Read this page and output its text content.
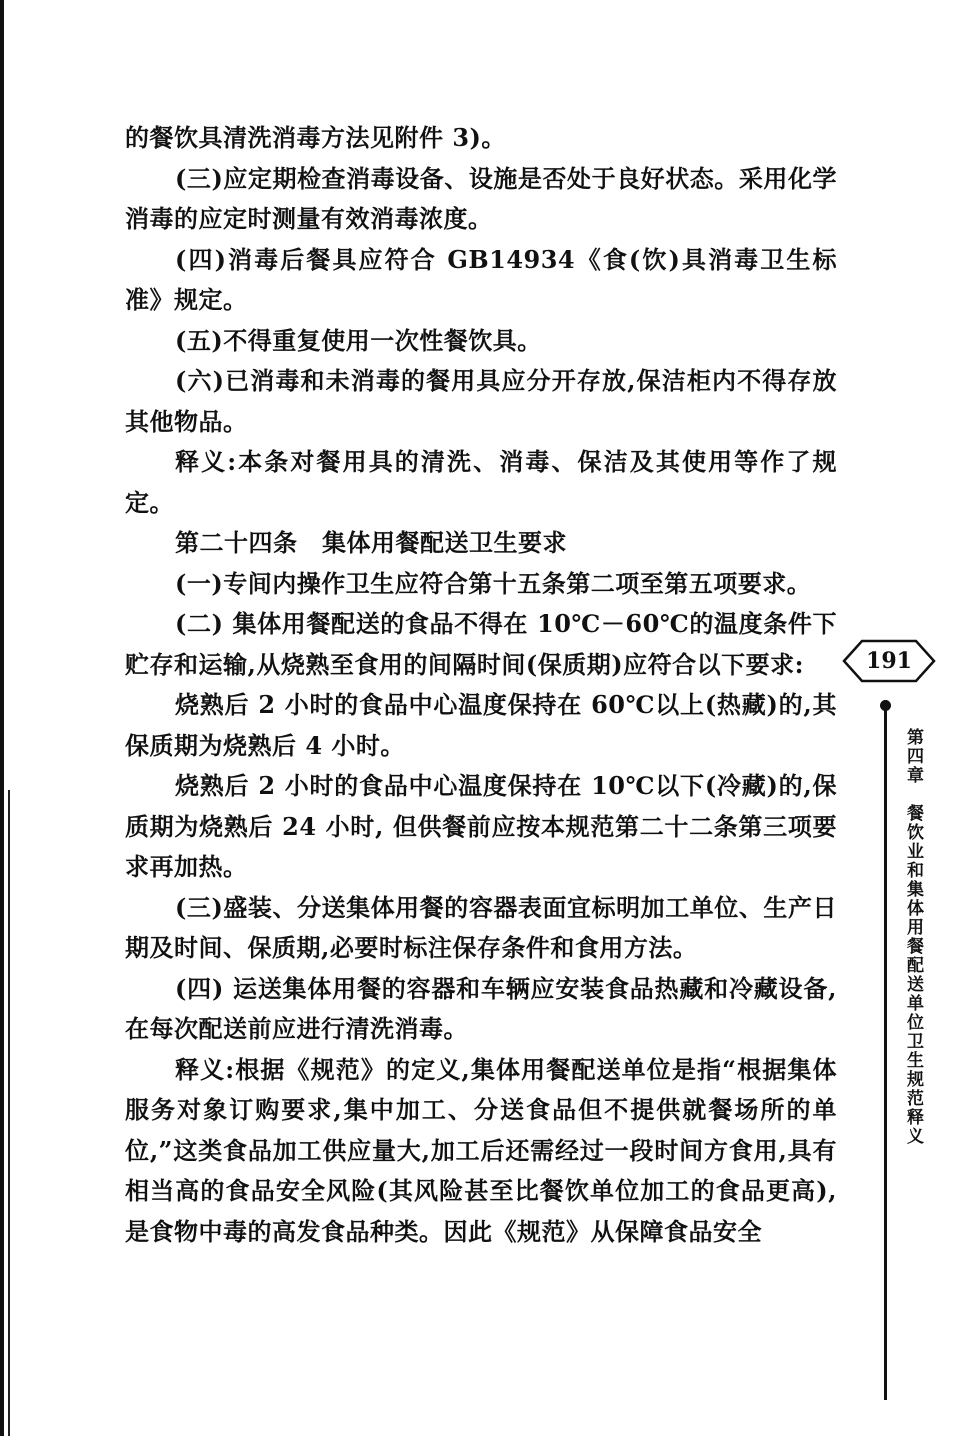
的餐饮具清洗消毒方法见附件 3)。

(三)应定期检查消毒设备、设施是否处于良好状态。采用化学消毒的应定时测量有效消毒浓度。

(四)消毒后餐具应符合 GB14934《食(饮)具消毒卫生标准》规定。

(五)不得重复使用一次性餐饮具。

(六)已消毒和未消毒的餐用具应分开存放,保洁柜内不得存放其他物品。

释义:本条对餐用具的清洗、消毒、保洁及其使用等作了规定。

第二十四条　集体用餐配送卫生要求

(一)专间内操作卫生应符合第十五条第二项至第五项要求。

(二) 集体用餐配送的食品不得在 10℃－60℃的温度条件下贮存和运输,从烧熟至食用的间隔时间(保质期)应符合以下要求:

烧熟后 2 小时的食品中心温度保持在 60℃以上(热藏)的,其保质期为烧熟后 4 小时。

烧熟后 2 小时的食品中心温度保持在 10℃以下(冷藏)的,保质期为烧熟后 24 小时, 但供餐前应按本规范第二十二条第三项要求再加热。

(三)盛装、分送集体用餐的容器表面宜标明加工单位、生产日期及时间、保质期,必要时标注保存条件和食用方法。

(四) 运送集体用餐的容器和车辆应安装食品热藏和冷藏设备,在每次配送前应进行清洗消毒。

释义:根据《规范》的定义,集体用餐配送单位是指“根据集体服务对象订购要求,集中加工、分送食品但不提供就餐场所的单位,”这类食品加工供应量大,加工后还需经过一段时间方食用,具有相当高的食品安全风险(其风险甚至比餐饮单位加工的食品更高),是食物中毒的高发食品种类。因此《规范》从保障食品安全

191
第四章　餐饮业和集体用餐配送单位卫生规范释义
